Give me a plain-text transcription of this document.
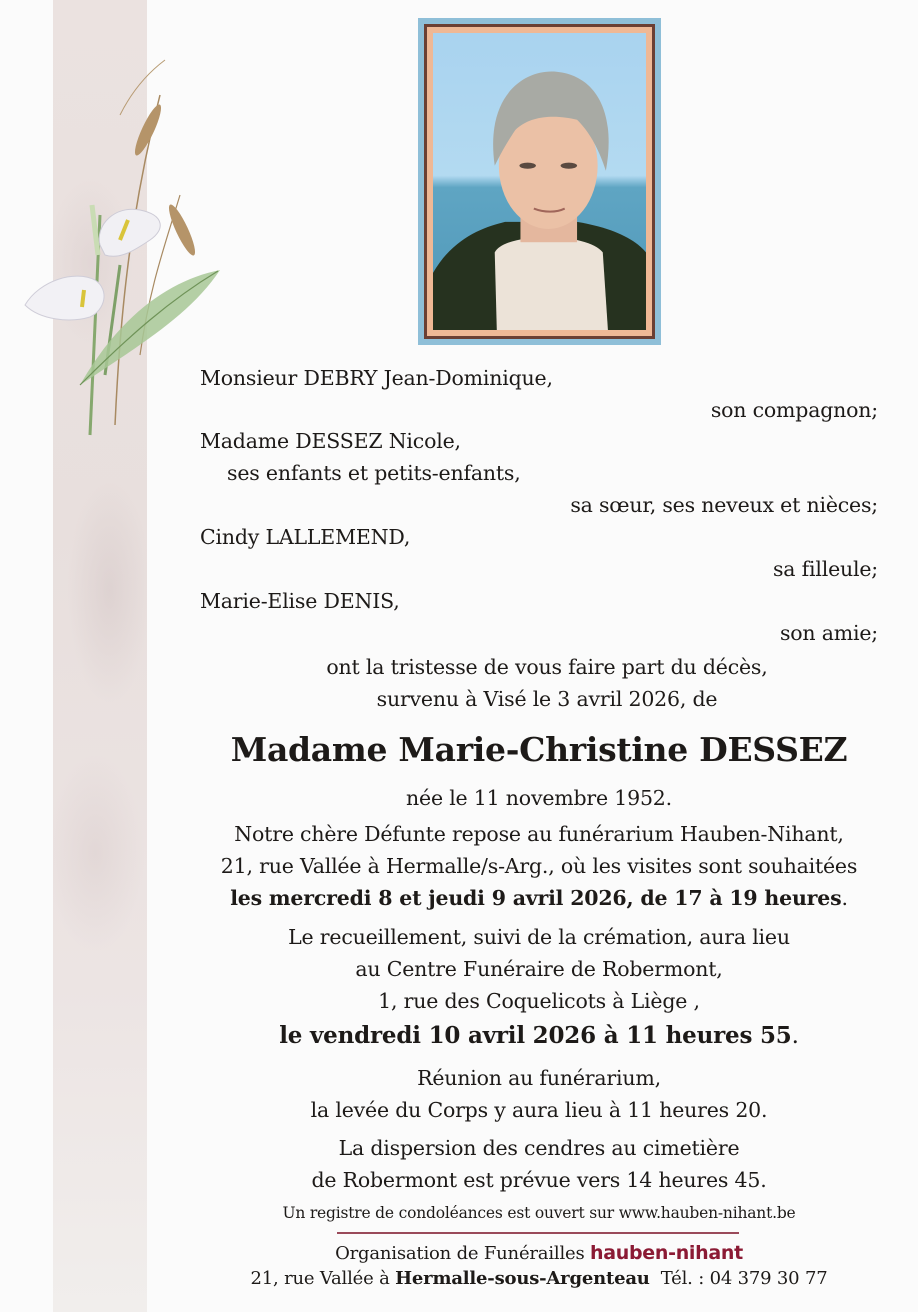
Monsieur DEBRY Jean-Dominique,
son compagnon;
Madame DESSEZ Nicole,
ses enfants et petits-enfants,
sa sœur, ses neveux et nièces;
Cindy LALLEMEND,
sa filleule;
Marie-Elise DENIS,
son amie;
ont la tristesse de vous faire part du décès,
survenu à Visé le 3 avril 2026, de
Madame Marie-Christine DESSEZ
née le 11 novembre 1952.
Notre chère Défunte repose au funérarium Hauben-Nihant,
21, rue Vallée à Hermalle/s-Arg., où les visites sont souhaitées
les mercredi 8 et jeudi 9 avril 2026, de 17 à 19 heures.
Le recueillement, suivi de la crémation, aura lieu
au Centre Funéraire de Robermont,
1, rue des Coquelicots à Liège ,
le vendredi 10 avril 2026 à 11 heures 55.
Réunion au funérarium,
la levée du Corps y aura lieu à 11 heures 20.
La dispersion des cendres au cimetière
de Robermont est prévue vers 14 heures 45.
Un registre de condoléances est ouvert sur www.hauben-nihant.be
Organisation de Funérailles hauben-nihant
21, rue Vallée à Hermalle-sous-Argenteau Tél. : 04 379 30 77
